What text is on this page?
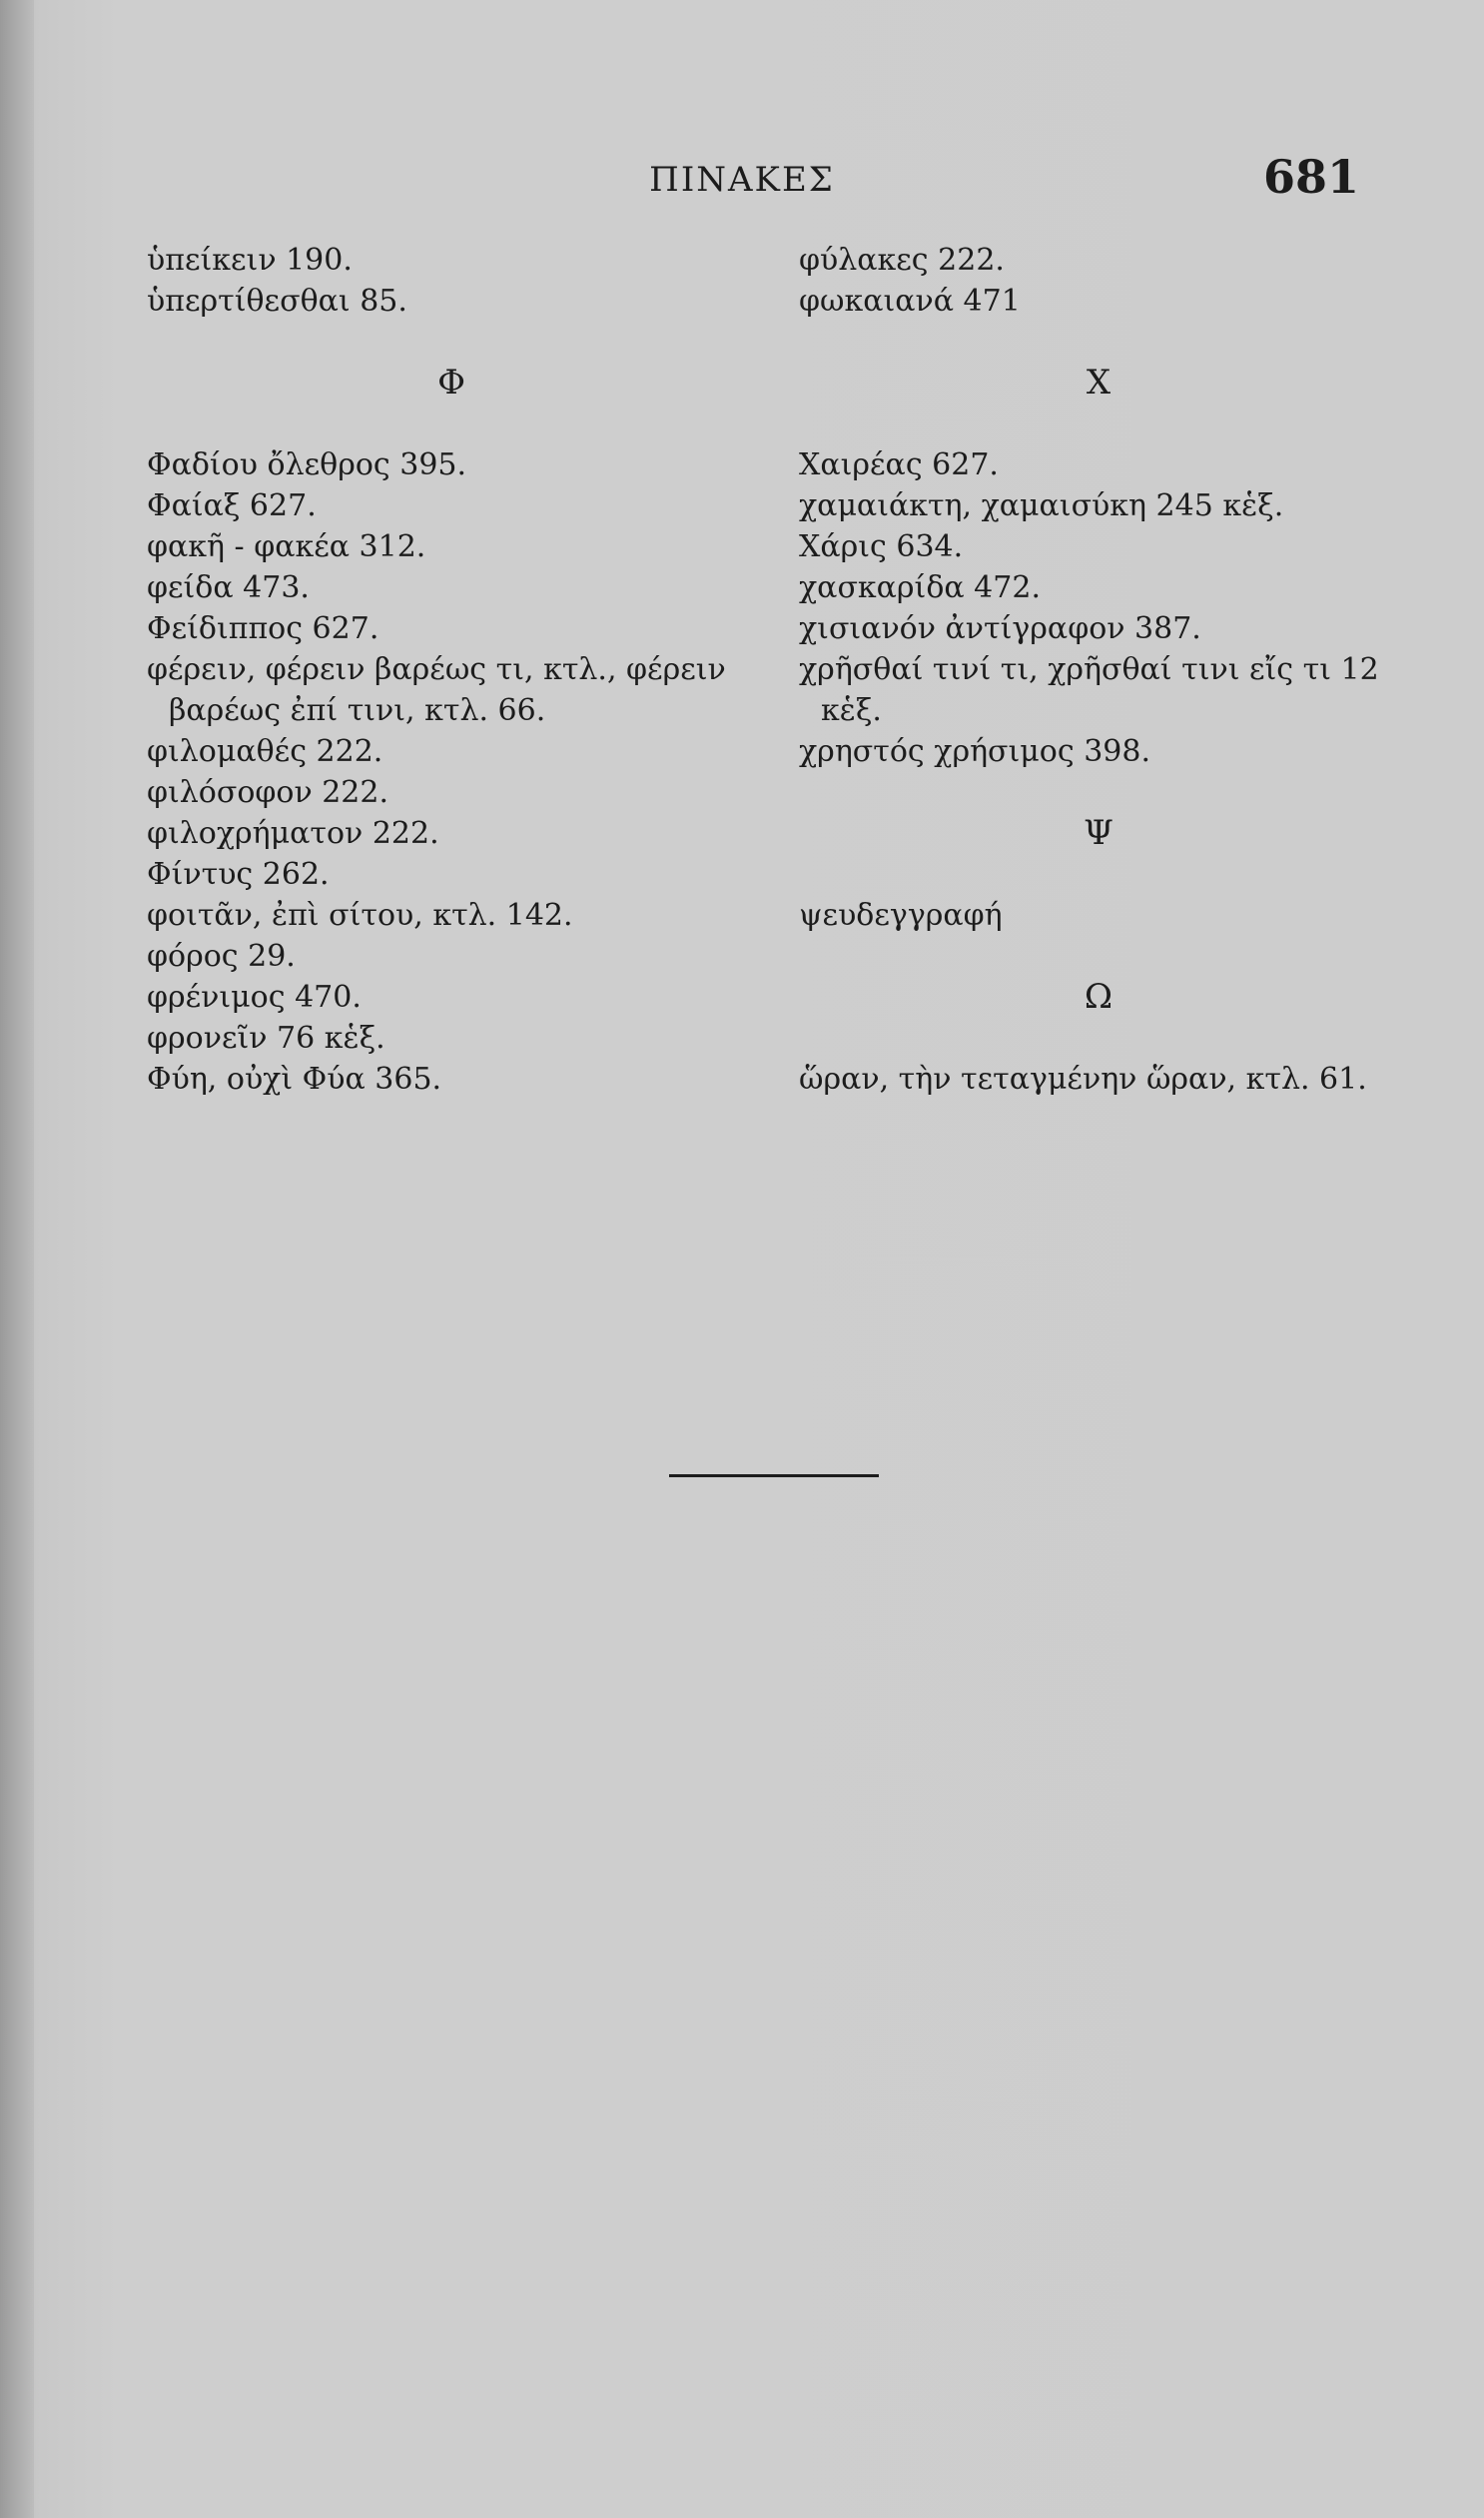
ΠΙΝΑΚΕΣ	681
ὑπείκειν 190.
ὑπερτίθεσθαι 85.
Φ
Φαδίου ὄλεθρος 395.
Φαίαξ 627.
φακῆ - φακέα 312.
φείδα 473.
Φείδιππος 627.
φέρειν, φέρειν βαρέως τι, κτλ., φέρειν
βαρέως ἐπί τινι, κτλ. 66.
φιλομαθές 222.
φιλόσοφον 222.
φιλοχρήματον 222.
Φίντυς 262.
φοιτᾶν, ἐπὶ σίτου, κτλ. 142.
φόρος 29.
φρένιμος 470.
φρονεῖν 76 κἑξ.
Φύη, οὐχὶ Φύα 365.
φύλακες 222.
φωκαιανά 471
Χ
Χαιρέας 627.
χαμαιάκτη, χαμαισύκη 245 κἑξ.
Χάρις 634.
χασκαρίδα 472.
χισιανόν ἀντίγραφον 387.
χρῆσθαί τινί τι, χρῆσθαί τινι εἴς τι 12
κἑξ.
χρηστός χρήσιμος 398.
Ψ
ψευδεγγραφή
Ω
ὥραν, τὴν τεταγμένην ὥραν, κτλ. 61.
